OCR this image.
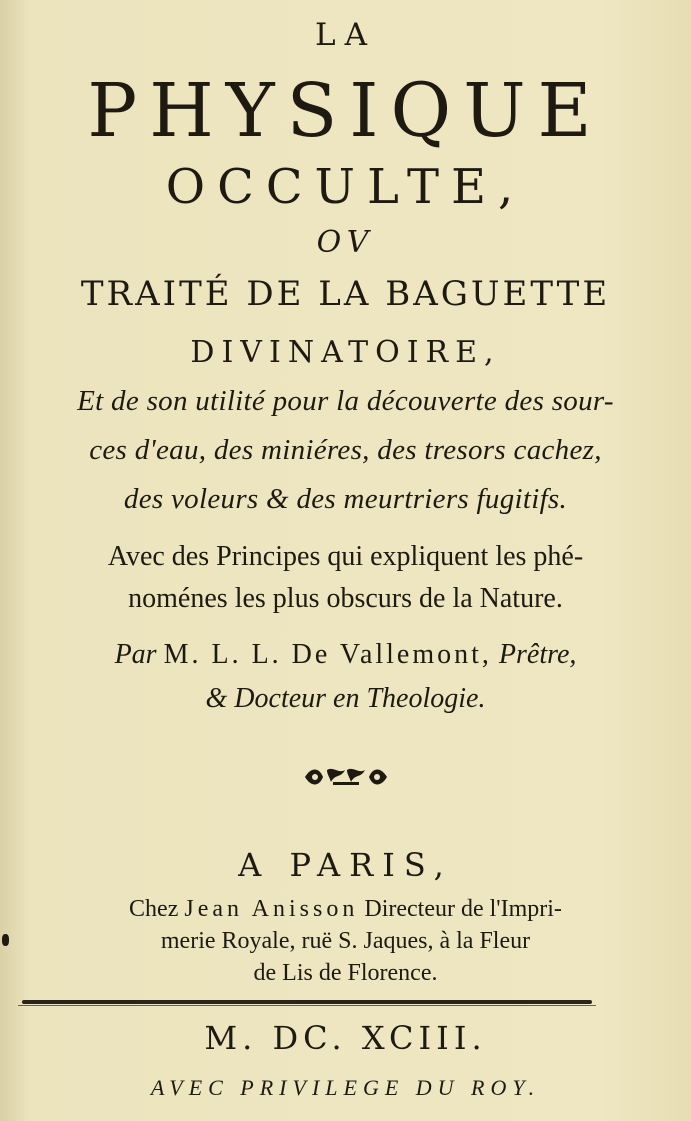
LA
PHYSIQUE
OCCULTE,
OV
TRAITÉ DE LA BAGUETTE
DIVINATOIRE,
Et de son utilité pour la découverte des sour-
ces d'eau, des miniéres, des tresors cachez,
des voleurs & des meurtriers fugitifs.
Avec des Principes qui expliquent les phé-
noménes les plus obscurs de la Nature.
Par M. L. L. De Vallemont, Prêtre,
& Docteur en Theologie.
A PARIS,
Chez Jean Anisson Directeur de l'Impri-
merie Royale, ruë S. Jaques, à la Fleur
de Lis de Florence.
M. DC. XCIII.
AVEC PRIVILEGE DU ROY.
